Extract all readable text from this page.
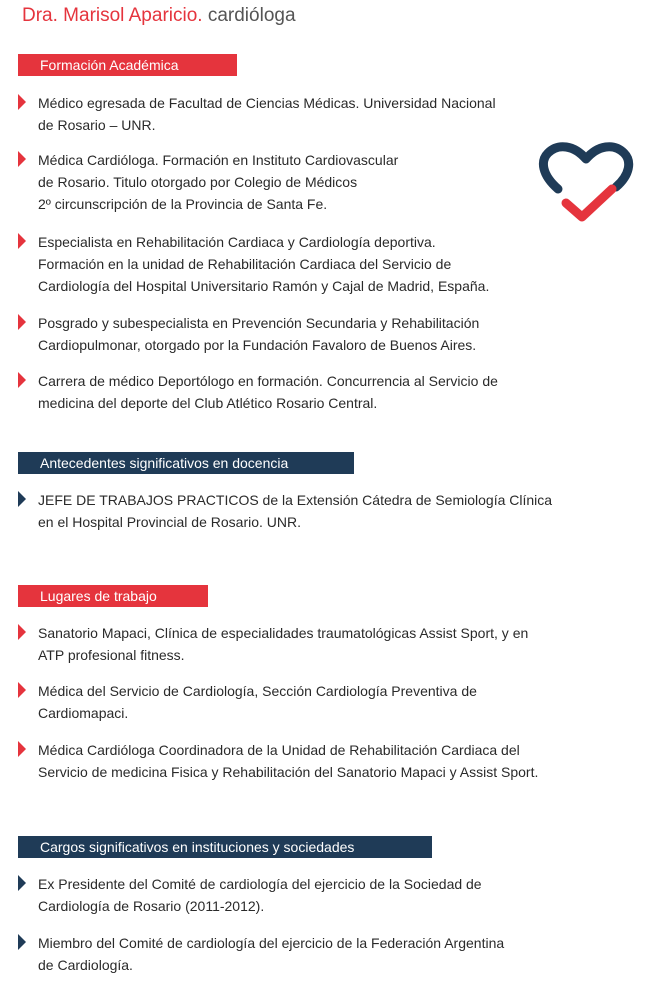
Dra. Marisol Aparicio. cardióloga
Formación Académica
Médico egresada de Facultad de Ciencias Médicas. Universidad Nacional
de Rosario – UNR.
Médica Cardióloga. Formación en Instituto Cardiovascular
de Rosario. Titulo otorgado por Colegio de Médicos
2º circunscripción de la Provincia de Santa Fe.
Especialista en Rehabilitación Cardiaca y Cardiología deportiva.
Formación en la unidad de Rehabilitación Cardiaca del Servicio de
Cardiología del Hospital Universitario Ramón y Cajal de Madrid, España.
Posgrado y subespecialista en Prevención Secundaria y Rehabilitación
Cardiopulmonar, otorgado por la Fundación Favaloro de Buenos Aires.
Carrera de médico Deportólogo en formación. Concurrencia al Servicio de
medicina del deporte del Club Atlético Rosario Central.
Antecedentes significativos en docencia
JEFE DE TRABAJOS PRACTICOS de la Extensión Cátedra de Semiología Clínica
en el Hospital Provincial de Rosario. UNR.
Lugares de trabajo
Sanatorio Mapaci, Clínica de especialidades traumatológicas Assist Sport, y en
ATP profesional fitness.
Médica del Servicio de Cardiología, Sección Cardiología Preventiva de
Cardiomapaci.
Médica Cardióloga Coordinadora de la Unidad de Rehabilitación Cardiaca del
Servicio de medicina Fisica y Rehabilitación del Sanatorio Mapaci y Assist Sport.
Cargos significativos en instituciones y sociedades
Ex Presidente del Comité de cardiología del ejercicio de la Sociedad de
Cardiología de Rosario (2011-2012).
Miembro del Comité de cardiología del ejercicio de la Federación Argentina
de Cardiología.
